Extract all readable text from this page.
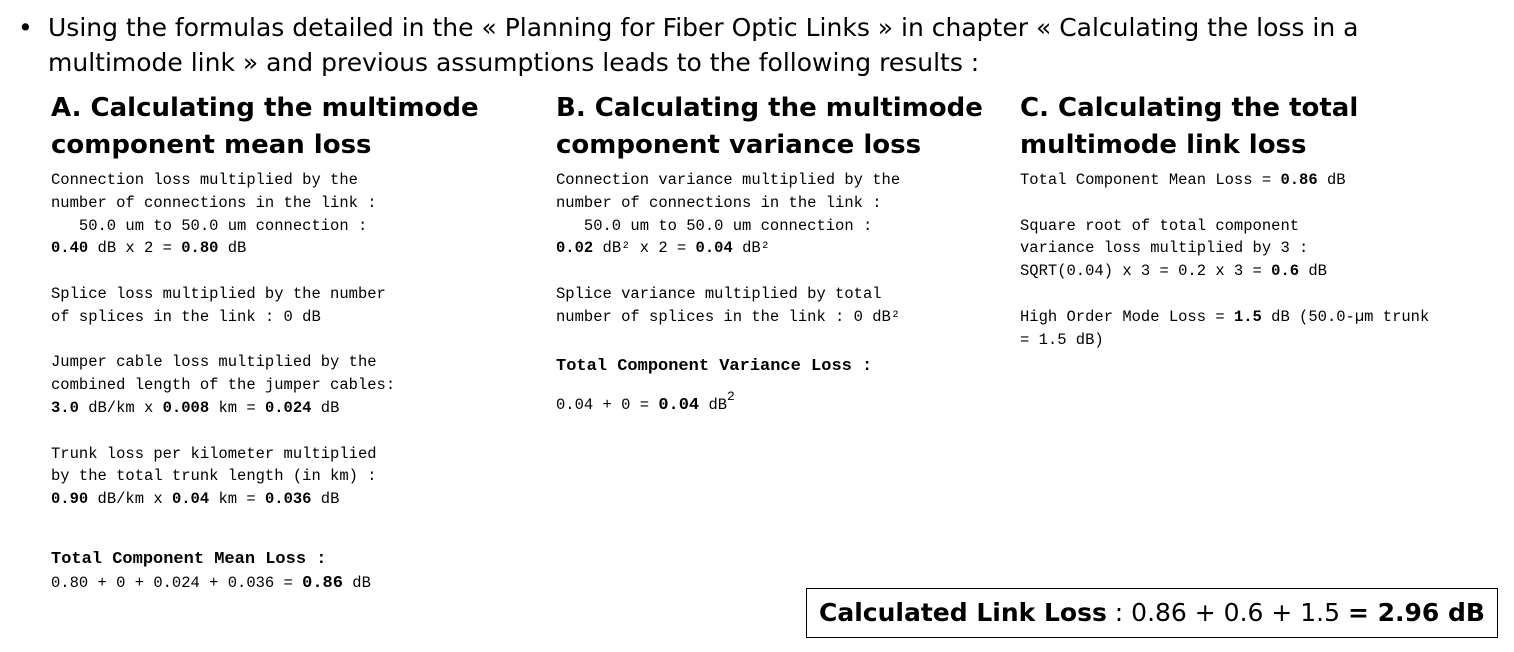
• Using the formulas detailed in the « Planning for Fiber Optic Links » in chapter « Calculating the loss in a multimode link » and previous assumptions leads to the following results :
A. Calculating the multimode component mean loss
Connection loss multiplied by the
number of connections in the link :
50.0 um to 50.0 um connection :
0.40 dB x 2 = 0.80 dB
Splice loss multiplied by the number
of splices in the link : 0 dB
Jumper cable loss multiplied by the
combined length of the jumper cables:
3.0 dB/km x 0.008 km = 0.024 dB
Trunk loss per kilometer multiplied
by the total trunk length (in km) :
0.90 dB/km x 0.04 km = 0.036 dB
Total Component Mean Loss :
0.80 + 0 + 0.024 + 0.036 = 0.86 dB
B. Calculating the multimode component variance loss
Connection variance multiplied by the
number of connections in the link :
50.0 um to 50.0 um connection :
0.02 dB² x 2 = 0.04 dB²
Splice variance multiplied by total
number of splices in the link : 0 dB²
Total Component Variance Loss :
0.04 + 0 = 0.04 $dB^2$
C. Calculating the total multimode link loss
Total Component Mean Loss = 0.86 dB
Square root of total component
variance loss multiplied by 3 :
SQRT(0.04) x 3 = 0.2 x 3 = 0.6 dB
High Order Mode Loss = 1.5 dB (50.0-µm trunk = 1.5 dB)
Calculated Link Loss : 0.86 + 0.6 + 1.5 = 2.96 dB
